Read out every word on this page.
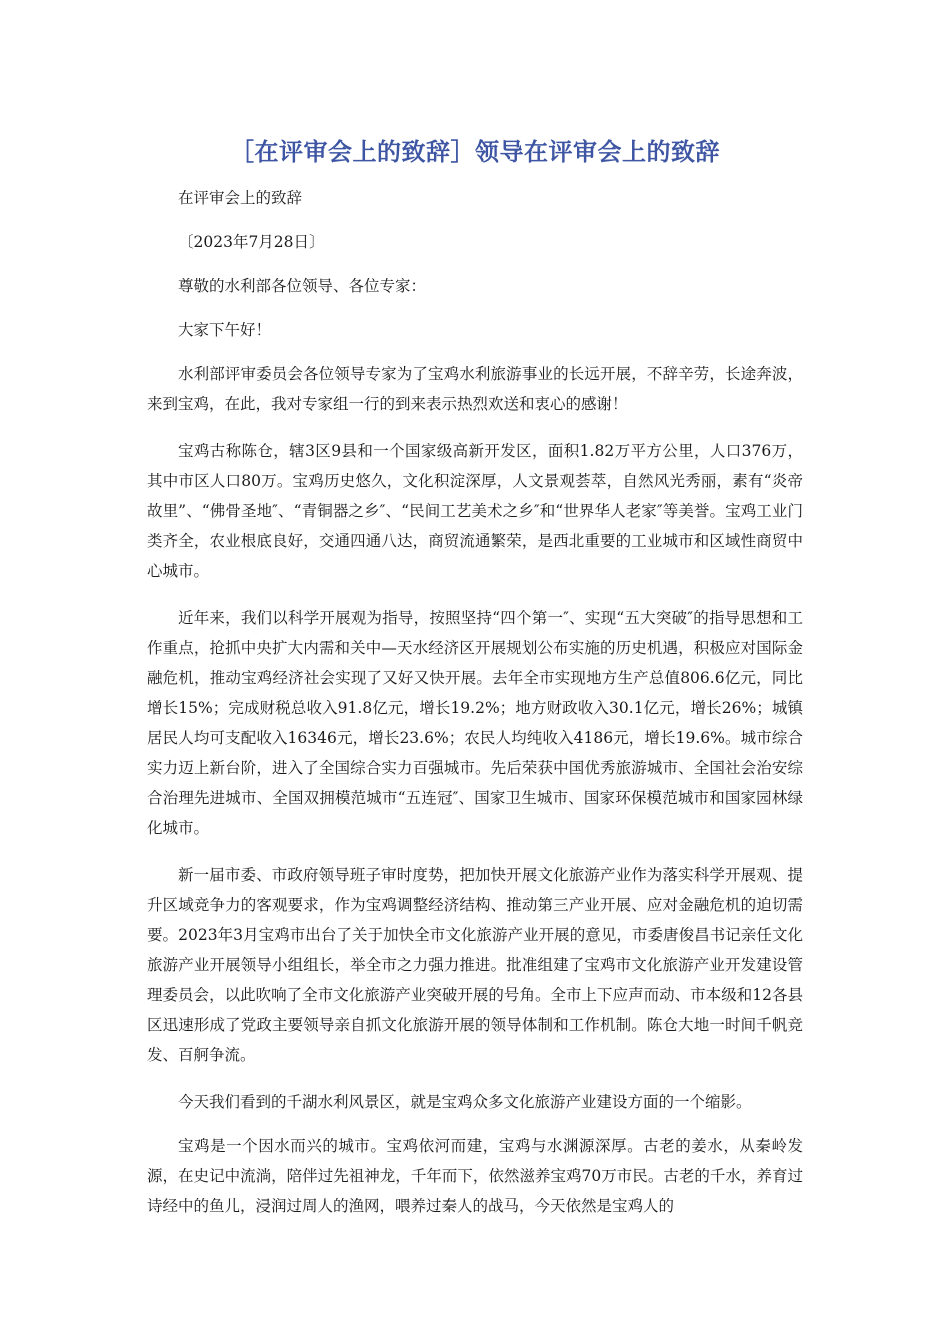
［在评审会上的致辞］领导在评审会上的致辞

在评审会上的致辞

〔2023年7月28日〕

尊敬的水利部各位领导、各位专家：

大家下午好！

水利部评审委员会各位领导专家为了宝鸡水利旅游事业的长远开展，不辞辛劳，长途奔波，来到宝鸡，在此，我对专家组一行的到来表示热烈欢送和衷心的感谢！

宝鸡古称陈仓，辖3区9县和一个国家级高新开发区，面积1.82万平方公里，人口376万，其中市区人口80万。宝鸡历史悠久，文化积淀深厚，人文景观荟萃，自然风光秀丽，素有“炎帝故里”、“佛骨圣地″、“青铜器之乡″、“民间工艺美术之乡″和“世界华人老家″等美誉。宝鸡工业门类齐全，农业根底良好，交通四通八达，商贸流通繁荣，是西北重要的工业城市和区域性商贸中心城市。

近年来，我们以科学开展观为指导，按照坚持“四个第一″、实现“五大突破″的指导思想和工作重点，抢抓中央扩大内需和关中—天水经济区开展规划公布实施的历史机遇，积极应对国际金融危机，推动宝鸡经济社会实现了又好又快开展。去年全市实现地方生产总值806.6亿元，同比增长15%；完成财税总收入91.8亿元，增长19.2%；地方财政收入30.1亿元，增长26%；城镇居民人均可支配收入16346元，增长23.6%；农民人均纯收入4186元，增长19.6%。城市综合实力迈上新台阶，进入了全国综合实力百强城市。先后荣获中国优秀旅游城市、全国社会治安综合治理先进城市、全国双拥模范城市“五连冠″、国家卫生城市、国家环保模范城市和国家园林绿化城市。

新一届市委、市政府领导班子审时度势，把加快开展文化旅游产业作为落实科学开展观、提升区域竞争力的客观要求，作为宝鸡调整经济结构、推动第三产业开展、应对金融危机的迫切需要。2023年3月宝鸡市出台了关于加快全市文化旅游产业开展的意见，市委唐俊昌书记亲任文化旅游产业开展领导小组组长，举全市之力强力推进。批准组建了宝鸡市文化旅游产业开发建设管理委员会，以此吹响了全市文化旅游产业突破开展的号角。全市上下应声而动、市本级和12各县区迅速形成了党政主要领导亲自抓文化旅游开展的领导体制和工作机制。陈仓大地一时间千帆竞发、百舸争流。

今天我们看到的千湖水利风景区，就是宝鸡众多文化旅游产业建设方面的一个缩影。

宝鸡是一个因水而兴的城市。宝鸡依河而建，宝鸡与水渊源深厚。古老的姜水，从秦岭发源，在史记中流淌，陪伴过先祖神龙，千年而下，依然滋养宝鸡70万市民。古老的千水，养育过诗经中的鱼儿，浸润过周人的渔网，喂养过秦人的战马，今天依然是宝鸡人的
